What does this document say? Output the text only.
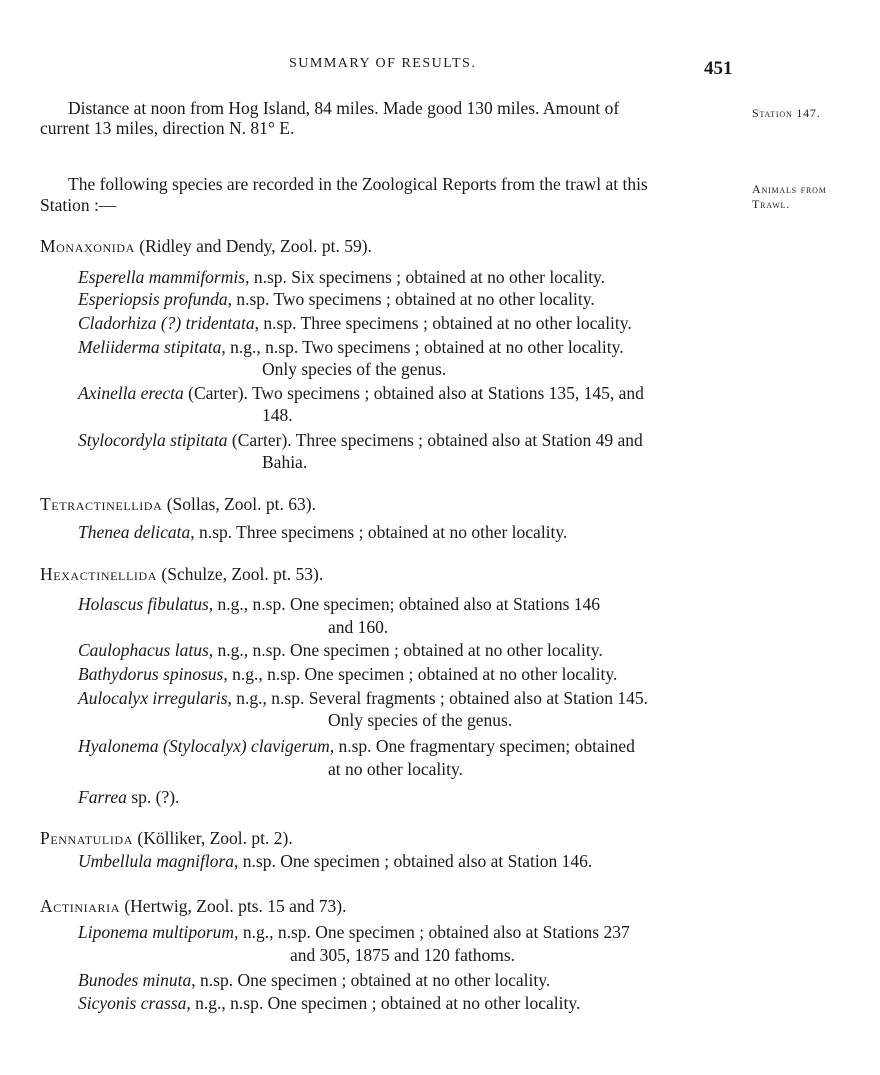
SUMMARY OF RESULTS.	451
Distance at noon from Hog Island, 84 miles. Made good 130 miles. Amount of
current 13 miles, direction N. 81° E.
Station 147.
The following species are recorded in the Zoological Reports from the trawl at this
Station :—
Animals from
Trawl.
Monaxonida (Ridley and Dendy, Zool. pt. 59).
Esperella mammiformis, n.sp. Six specimens ; obtained at no other locality.
Esperiopsis profunda, n.sp. Two specimens ; obtained at no other locality.
Cladorhiza (?) tridentata, n.sp. Three specimens ; obtained at no other locality.
Meliiderma stipitata, n.g., n.sp. Two specimens ; obtained at no other locality.
Only species of the genus.
Axinella erecta (Carter). Two specimens ; obtained also at Stations 135, 145, and
148.
Stylocordyla stipitata (Carter). Three specimens ; obtained also at Station 49 and
Bahia.
Tetractinellida (Sollas, Zool. pt. 63).
Thenea delicata, n.sp. Three specimens ; obtained at no other locality.
Hexactinellida (Schulze, Zool. pt. 53).
Holascus fibulatus, n.g., n.sp. One specimen; obtained also at Stations 146
and 160.
Caulophacus latus, n.g., n.sp. One specimen ; obtained at no other locality.
Bathydorus spinosus, n.g., n.sp. One specimen ; obtained at no other locality.
Aulocalyx irregularis, n.g., n.sp. Several fragments ; obtained also at Station 145.
Only species of the genus.
Hyalonema (Stylocalyx) clavigerum, n.sp. One fragmentary specimen; obtained
at no other locality.
Farrea sp. (?).
Pennatulida (Kölliker, Zool. pt. 2).
Umbellula magniflora, n.sp. One specimen ; obtained also at Station 146.
Actiniaria (Hertwig, Zool. pts. 15 and 73).
Liponema multiporum, n.g., n.sp. One specimen ; obtained also at Stations 237
and 305, 1875 and 120 fathoms.
Bunodes minuta, n.sp. One specimen ; obtained at no other locality.
Sicyonis crassa, n.g., n.sp. One specimen ; obtained at no other locality.
